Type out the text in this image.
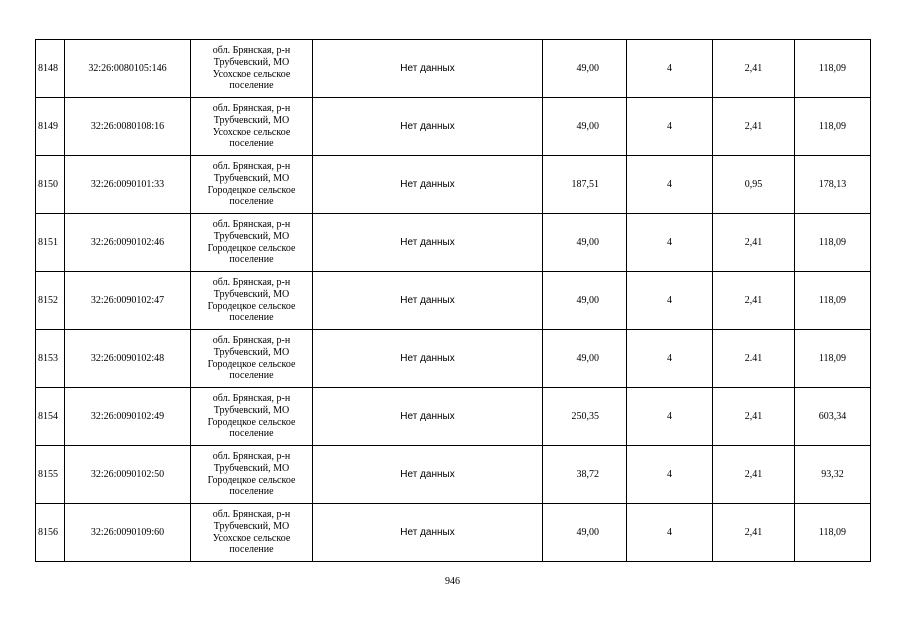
8148	32:26:0080105:146	обл. Брянская, р-н
Трубчевский, МО
Усохское сельское
поселение	Нет данных	49,00	4	2,41	118,09
8149	32:26:0080108:16	обл. Брянская, р-н
Трубчевский, МО
Усохское сельское
поселение	Нет данных	49,00	4	2,41	118,09
8150	32:26:0090101:33	обл. Брянская, р-н
Трубчевский, МО
Городецкое сельское
поселение	Нет данных	187,51	4	0,95	178,13
8151	32:26:0090102:46	обл. Брянская, р-н
Трубчевский, МО
Городецкое сельское
поселение	Нет данных	49,00	4	2,41	118,09
8152	32:26:0090102:47	обл. Брянская, р-н
Трубчевский, МО
Городецкое сельское
поселение	Нет данных	49,00	4	2,41	118,09
8153	32:26:0090102:48	обл. Брянская, р-н
Трубчевский, МО
Городецкое сельское
поселение	Нет данных	49,00	4	2.41	118,09
8154	32:26:0090102:49	обл. Брянская, р-н
Трубчевский, МО
Городецкое сельское
поселение	Нет данных	250,35	4	2,41	603,34
8155	32:26:0090102:50	обл. Брянская, р-н
Трубчевский, МО
Городецкое сельское
поселение	Нет данных	38,72	4	2,41	93,32
8156	32:26:0090109:60	обл. Брянская, р-н
Трубчевский, МО
Усохское сельское
поселение	Нет данных	49,00	4	2,41	118,09
946
